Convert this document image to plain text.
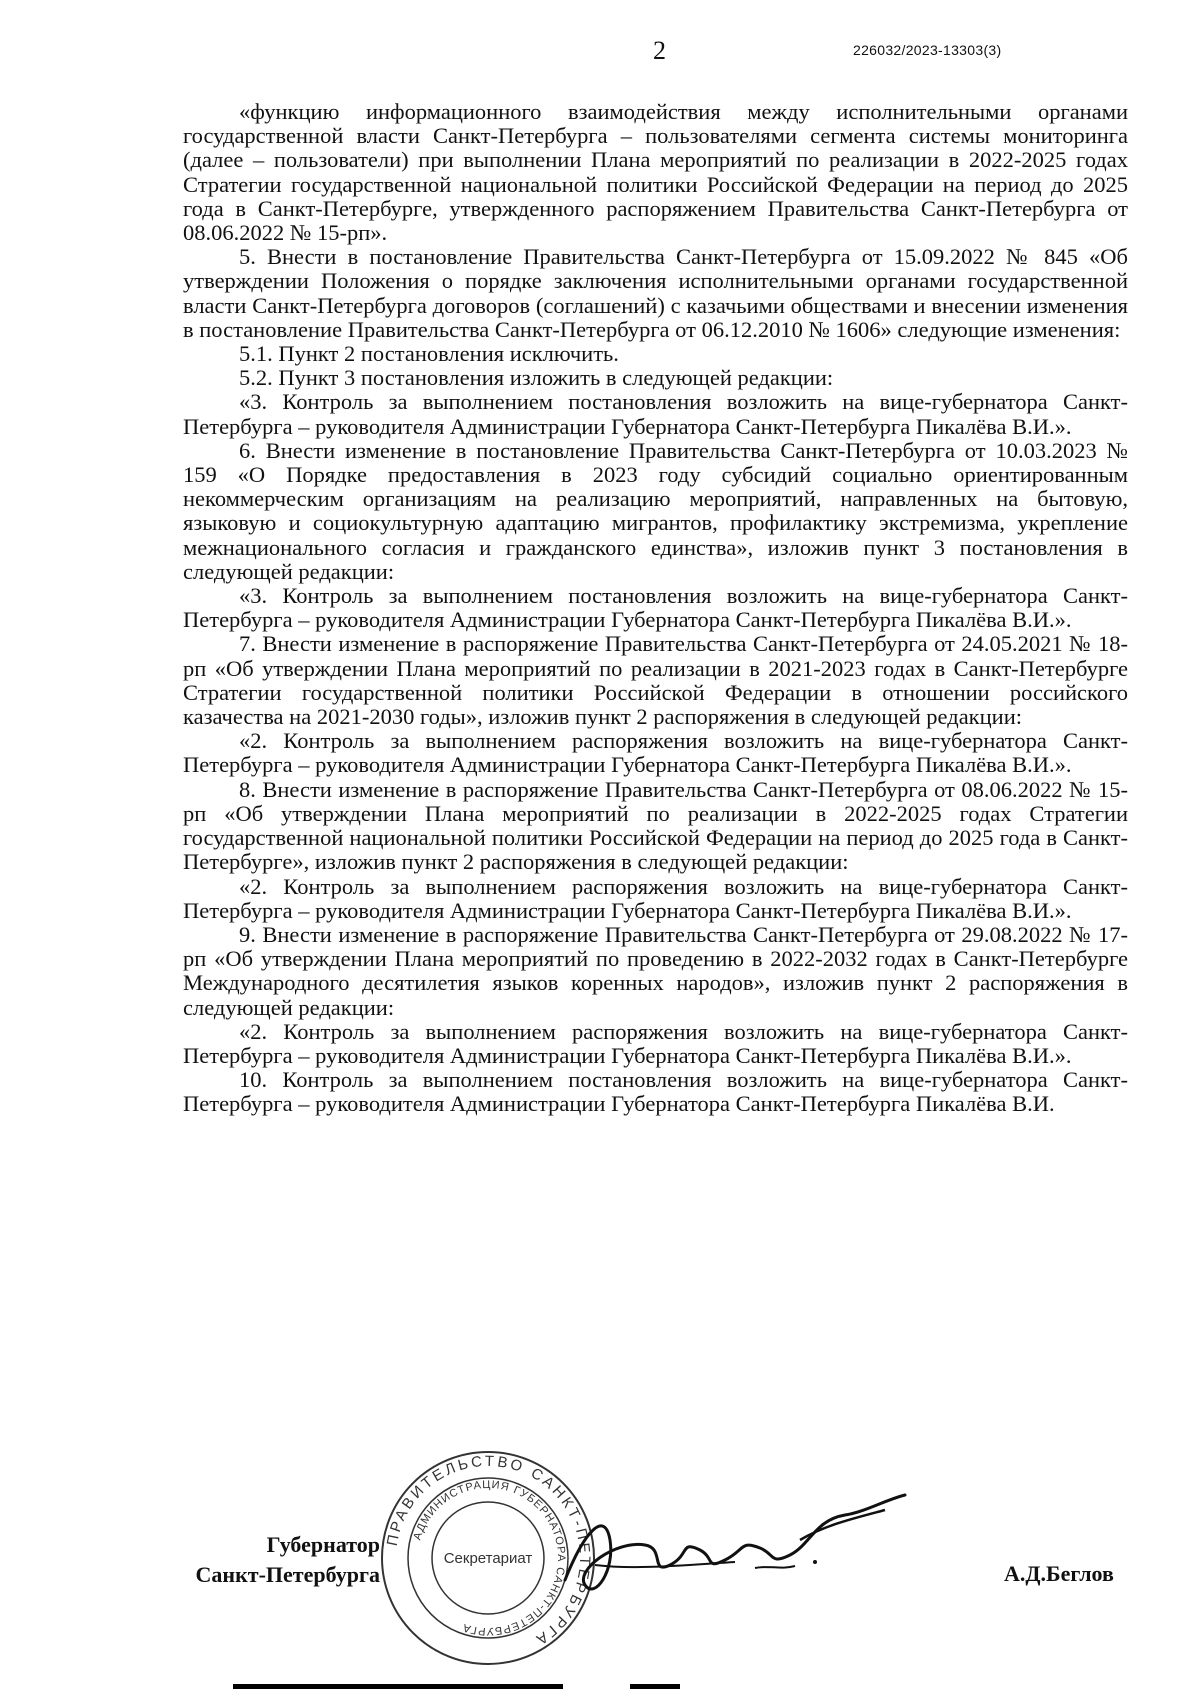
2	226032/2023-13303(3)

«функцию информационного взаимодействия между исполнительными органами государственной власти Санкт-Петербурга – пользователями сегмента системы мониторинга (далее – пользователи) при выполнении Плана мероприятий по реализации в 2022-2025 годах Стратегии государственной национальной политики Российской Федерации на период до 2025 года в Санкт-Петербурге, утвержденного распоряжением Правительства Санкт-Петербурга от 08.06.2022 № 15-рп».

5. Внести в постановление Правительства Санкт-Петербурга от 15.09.2022 № 845 «Об утверждении Положения о порядке заключения исполнительными органами государственной власти Санкт-Петербурга договоров (соглашений) с казачьими обществами и внесении изменения в постановление Правительства Санкт-Петербурга от 06.12.2010 № 1606» следующие изменения:

5.1. Пункт 2 постановления исключить.

5.2. Пункт 3 постановления изложить в следующей редакции:

«3. Контроль за выполнением постановления возложить на вице-губернатора Санкт-Петербурга – руководителя Администрации Губернатора Санкт-Петербурга Пикалёва В.И.».

6. Внести изменение в постановление Правительства Санкт-Петербурга от 10.03.2023 № 159 «О Порядке предоставления в 2023 году субсидий социально ориентированным некоммерческим организациям на реализацию мероприятий, направленных на бытовую, языковую и социокультурную адаптацию мигрантов, профилактику экстремизма, укрепление межнационального согласия и гражданского единства», изложив пункт 3 постановления в следующей редакции:

«3. Контроль за выполнением постановления возложить на вице-губернатора Санкт-Петербурга – руководителя Администрации Губернатора Санкт-Петербурга Пикалёва В.И.».

7. Внести изменение в распоряжение Правительства Санкт-Петербурга от 24.05.2021 № 18-рп «Об утверждении Плана мероприятий по реализации в 2021-2023 годах в Санкт-Петербурге Стратегии государственной политики Российской Федерации в отношении российского казачества на 2021-2030 годы», изложив пункт 2 распоряжения в следующей редакции:

«2. Контроль за выполнением распоряжения возложить на вице-губернатора Санкт-Петербурга – руководителя Администрации Губернатора Санкт-Петербурга Пикалёва В.И.».

8. Внести изменение в распоряжение Правительства Санкт-Петербурга от 08.06.2022 № 15-рп «Об утверждении Плана мероприятий по реализации в 2022-2025 годах Стратегии государственной национальной политики Российской Федерации на период до 2025 года в Санкт-Петербурге», изложив пункт 2 распоряжения в следующей редакции:

«2. Контроль за выполнением распоряжения возложить на вице-губернатора Санкт-Петербурга – руководителя Администрации Губернатора Санкт-Петербурга Пикалёва В.И.».

9. Внести изменение в распоряжение Правительства Санкт-Петербурга от 29.08.2022 № 17-рп «Об утверждении Плана мероприятий по проведению в 2022-2032 годах в Санкт-Петербурге Международного десятилетия языков коренных народов», изложив пункт 2 распоряжения в следующей редакции:

«2. Контроль за выполнением распоряжения возложить на вице-губернатора Санкт-Петербурга – руководителя Администрации Губернатора Санкт-Петербурга Пикалёва В.И.».

10. Контроль за выполнением постановления возложить на вице-губернатора Санкт-Петербурга – руководителя Администрации Губернатора Санкт-Петербурга Пикалёва В.И.

Губернатор
Санкт-Петербурга
ПРАВИТЕЛЬСТВО САНКТ-ПЕТЕРБУРГА
АДМИНИСТРАЦИЯ ГУБЕРНАТОРА САНКТ-ПЕТЕРБУРГА
Секретариат
А.Д.Беглов
